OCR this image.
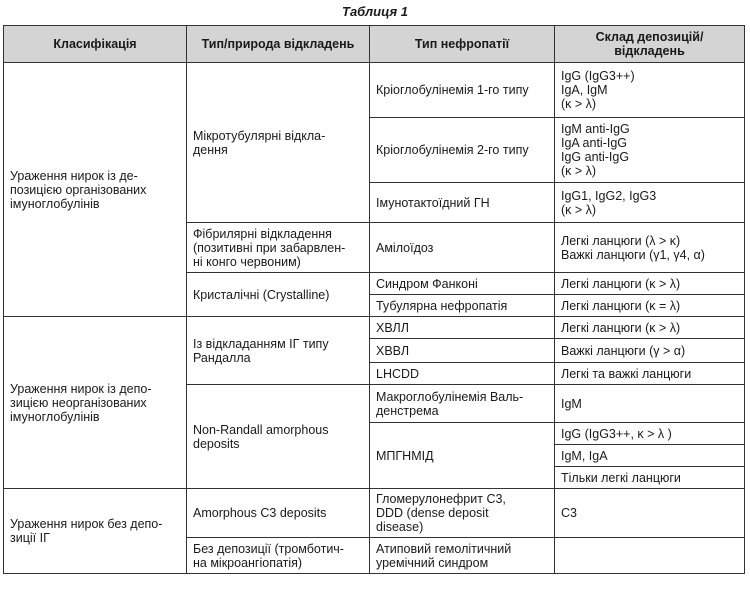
Таблиця 1
Класифікація	Тип/природа відкладень	Тип нефропатії	Склад депозицій/ відкладень
Ураження нирок із де-
позицією організованих
імуноглобулінів	Мікротубулярні відкла-
дення	Кріоглобулінемія 1-го типу	IgG (IgG3++)
IgA, IgM
(κ > λ)
		Кріоглобулінемія 2-го типу	IgM anti-IgG
IgA anti-IgG
IgG anti-IgG
(κ > λ)
		Імунотактоїдний ГН	IgG1, IgG2, IgG3
(κ > λ)
	Фібрилярні відкладення
(позитивні при забарвлен-
ні конго червоним)	Амілоїдоз	Легкі ланцюги (λ > κ)
Важкі ланцюги (γ1, γ4, α)
	Кристалічні (Crystalline)	Синдром Фанконі	Легкі ланцюги (κ > λ)
		Тубулярна нефропатія	Легкі ланцюги (κ = λ)

Ураження нирок із депо-
зицією неорганізованих
імуноглобулінів	Із відкладанням ІГ типу
Рандалла	ХВЛЛ	Легкі ланцюги (κ > λ)
		ХВВЛ	Важкі ланцюги (γ > α)
		LHCDD	Легкі та важкі ланцюги
	Non-Randall amorphous
deposits	Макроглобулінемія Валь-
денстрема	IgM
		МПГНМІД	IgG (IgG3++, κ > λ )
			IgM, IgA
			Тільки легкі ланцюги
Ураження нирок без депо-
зиції ІГ	Amorphous C3 deposits	Гломерулонефрит С3,
DDD (dense deposit
disease)	С3
	Без депозиції (тромботич-
на мікроангіопатія)	Атиповий гемолітичний
уремічний синдром	
